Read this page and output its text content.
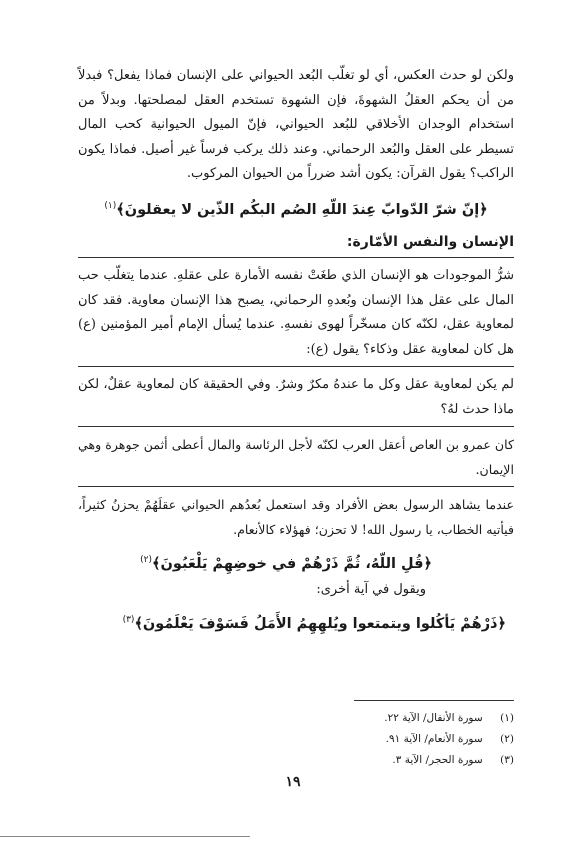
ولكن لو حدث العكس، أي لو تغلّب البُعد الحيواني على الإنسان فماذا يفعل؟ فبدلاً من أن يحكم العقلُ الشهوةَ، فإن الشهوة تستخدم العقل لمصلحتها. وبدلاً من استخدام الوجدان الأخلاقي للبُعد الحيواني، فإنّ الميول الحيوانية كحب المال تسيطر على العقل والبُعد الرحماني. وعند ذلك يركب فرساً غير أصيل. فماذا يكون الراكب؟ يقول القرآن: يكون أشد ضرراً من الحيوان المركوب.

﴿إنّ شرّ الدّوابّ عِندَ اللّهِ الصُم البكُم الذّين لا يعقلونَ﴾$^{(١)}$

الإنسان والنفس الأمّارة:

شرُّ الموجودات هو الإنسان الذي طغَتْ نفسه الأمارة على عقلهِ. عندما يتغلّب حب المال على عقل هذا الإنسان وبُعدهِ الرحماني، يصبح هذا الإنسان معاوية. فقد كان لمعاوية عقل، لكنّه كان مسخّراً لهوى نفسهِ. عندما يُسأل الإمام أمير المؤمنين (ع) هل كان لمعاوية عقل وذكاء؟ يقول (ع):

لم يكن لمعاوية عقل وكل ما عندهُ مكرٌ وشرٌ. وفي الحقيقة كان لمعاوية عقلٌ، لكن ماذا حدث لهُ؟

كان عمرو بن العاص أعقل العرب لكنّه لأجل الرئاسة والمال أعطى أثمن جوهرة وهي الإيمان.

عندما يشاهد الرسول بعض الأفراد وقد استعمل بُعدُهم الحيواني عقلَهُمْ يحزنُ كثيراً، فيأتيه الخطاب، يا رسول الله! لا تحزن؛ فهؤلاء كالأنعام.

﴿قُلِ اللّهُ، ثُمَّ ذَرْهُمْ في خوضِهِمْ يَلْعَبُونَ﴾$^{(٢)}$

ويقول في آية أخرى:

﴿ذَرْهُمْ يَأكُلوا ويتمتعوا ويُلهِهِمُ الأَمَلُ فَسَوْفَ يَعْلَمُونَ﴾$^{(٣)}$

(١) سورة الأنفال/ الآية ٢٢.

(٢) سورة الأنعام/ الآية ٩١.

(٣) سورة الحجر/ الآية ٣.

١٩
